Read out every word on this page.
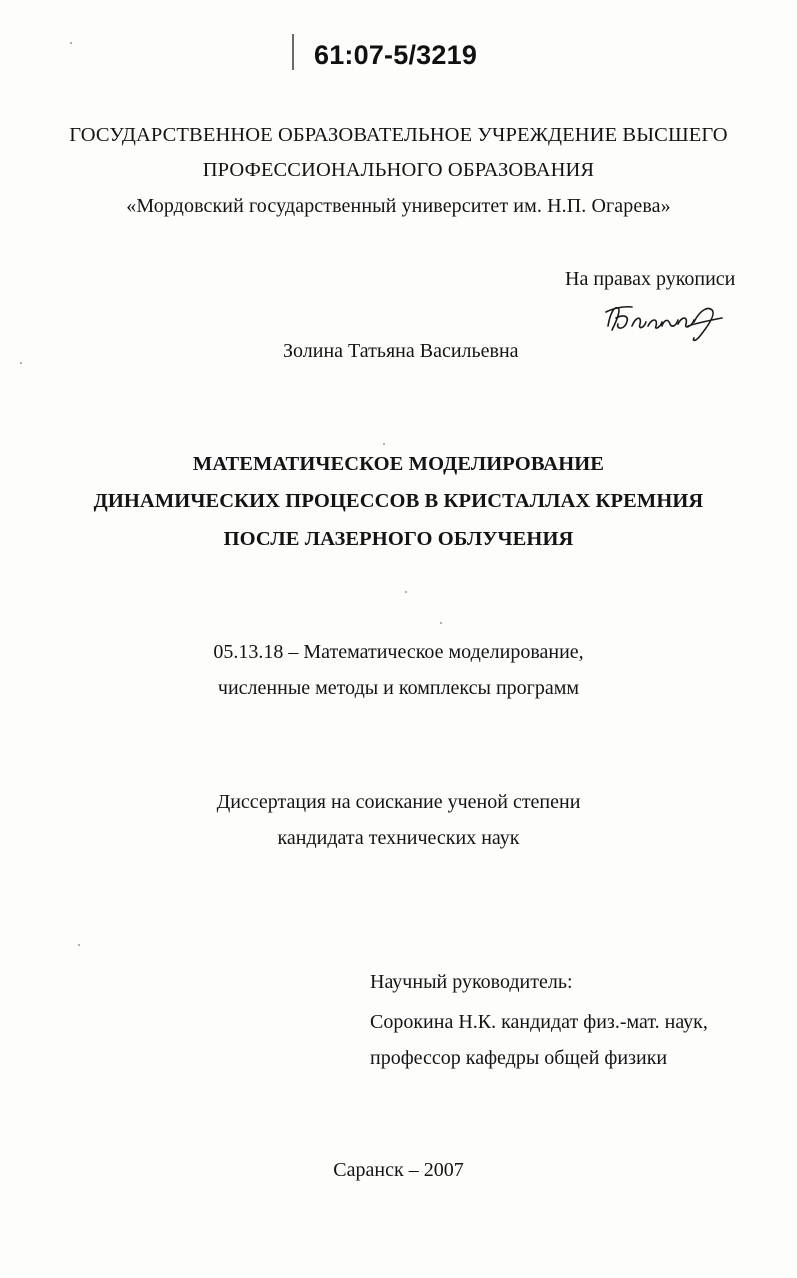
61:07-5/3219
ГОСУДАРСТВЕННОЕ ОБРАЗОВАТЕЛЬНОЕ УЧРЕЖДЕНИЕ ВЫСШЕГО
ПРОФЕССИОНАЛЬНОГО ОБРАЗОВАНИЯ
«Мордовский государственный университет им. Н.П. Огарева»
На правах рукописи
Золина Татьяна Васильевна
МАТЕМАТИЧЕСКОЕ МОДЕЛИРОВАНИЕ
ДИНАМИЧЕСКИХ ПРОЦЕССОВ В КРИСТАЛЛАХ КРЕМНИЯ
ПОСЛЕ ЛАЗЕРНОГО ОБЛУЧЕНИЯ
05.13.18 – Математическое моделирование,
численные методы и комплексы программ
Диссертация на соискание ученой степени
кандидата технических наук
Научный руководитель:
Сорокина Н.К. кандидат физ.-мат. наук,
профессор кафедры общей физики
Саранск – 2007
